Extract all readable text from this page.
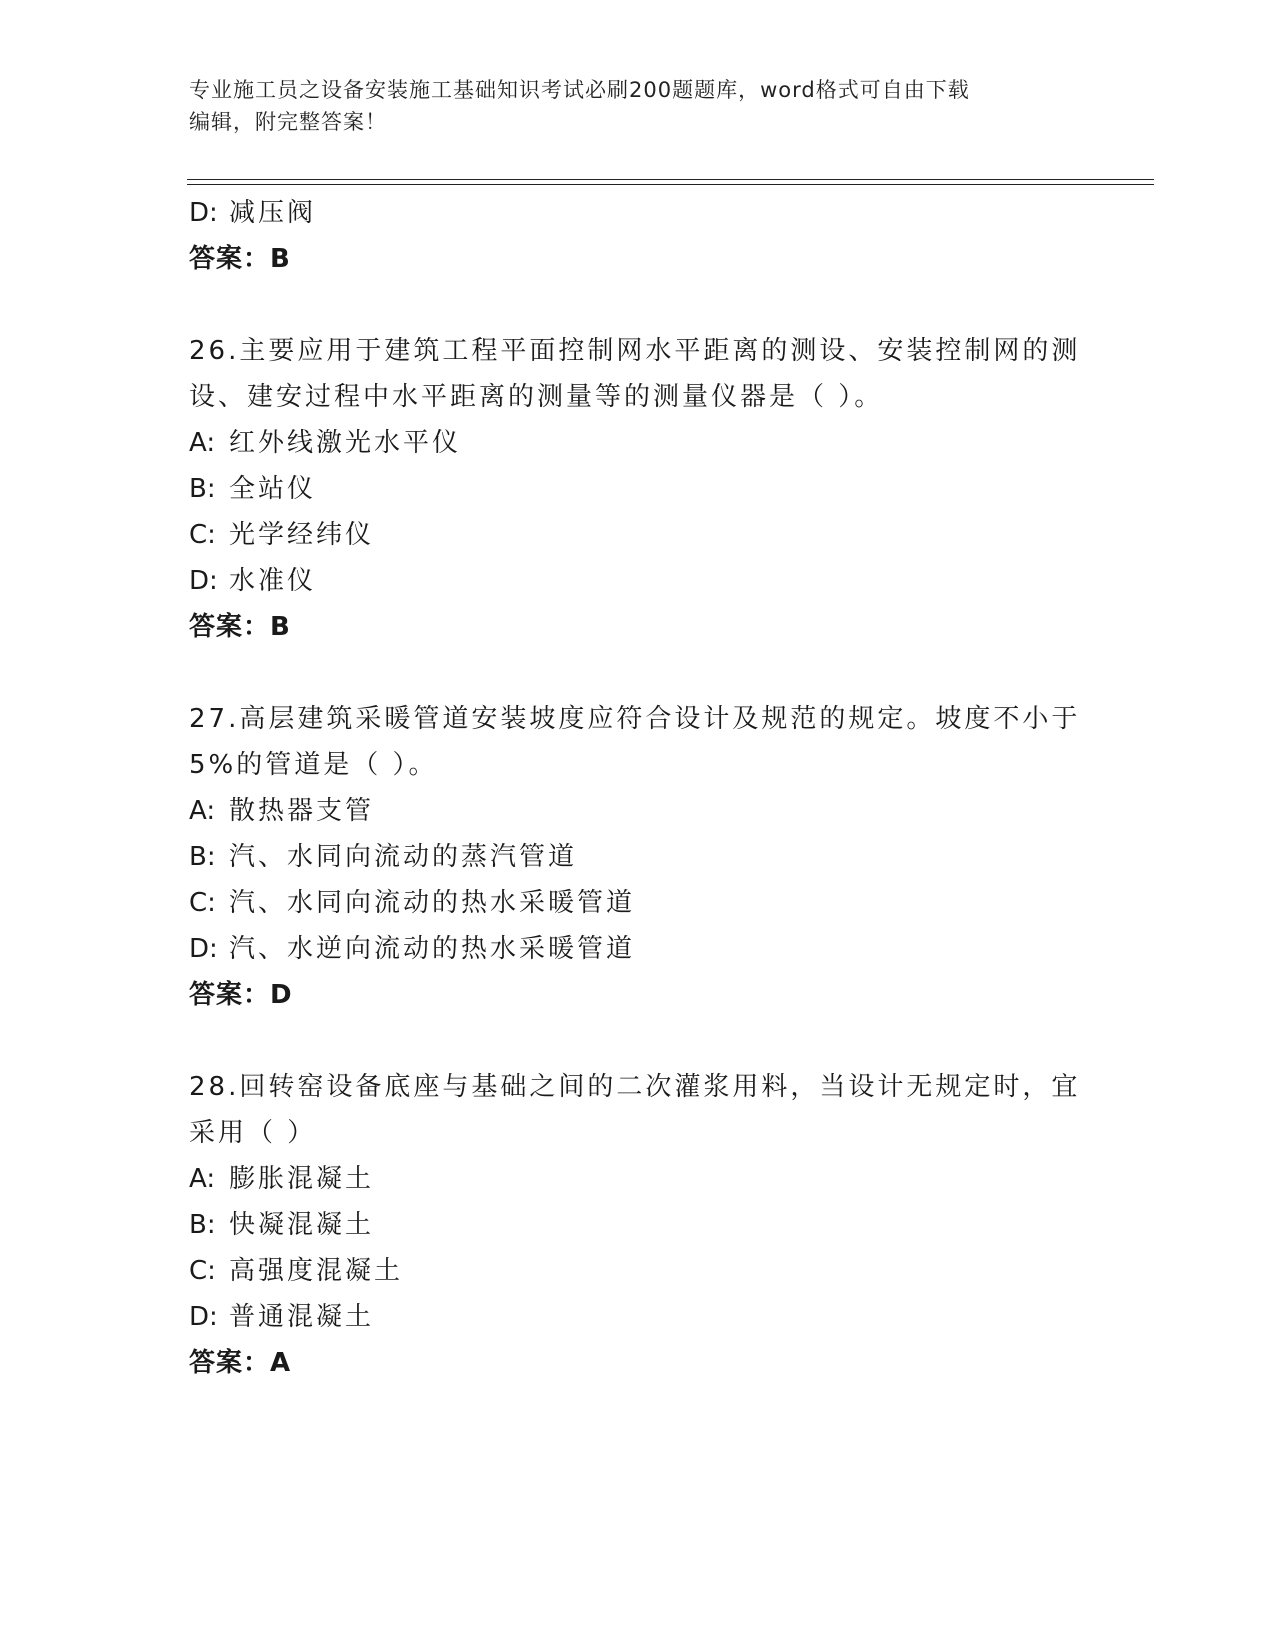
专业施工员之设备安装施工基础知识考试必刷200题题库，word格式可自由下载
编辑，附完整答案！
D: 减压阀
答案：B
26.主要应用于建筑工程平面控制网水平距离的测设、安装控制网的测
设、建安过程中水平距离的测量等的测量仪器是（ ）。
A: 红外线激光水平仪
B: 全站仪
C: 光学经纬仪
D: 水准仪
答案：B
27.高层建筑采暖管道安装坡度应符合设计及规范的规定。坡度不小于
5%的管道是（ ）。
A: 散热器支管
B: 汽、水同向流动的蒸汽管道
C: 汽、水同向流动的热水采暖管道
D: 汽、水逆向流动的热水采暖管道
答案：D
28.回转窑设备底座与基础之间的二次灌浆用料，当设计无规定时，宜
采用（ ）
A: 膨胀混凝土
B: 快凝混凝土
C: 高强度混凝土
D: 普通混凝土
答案：A
